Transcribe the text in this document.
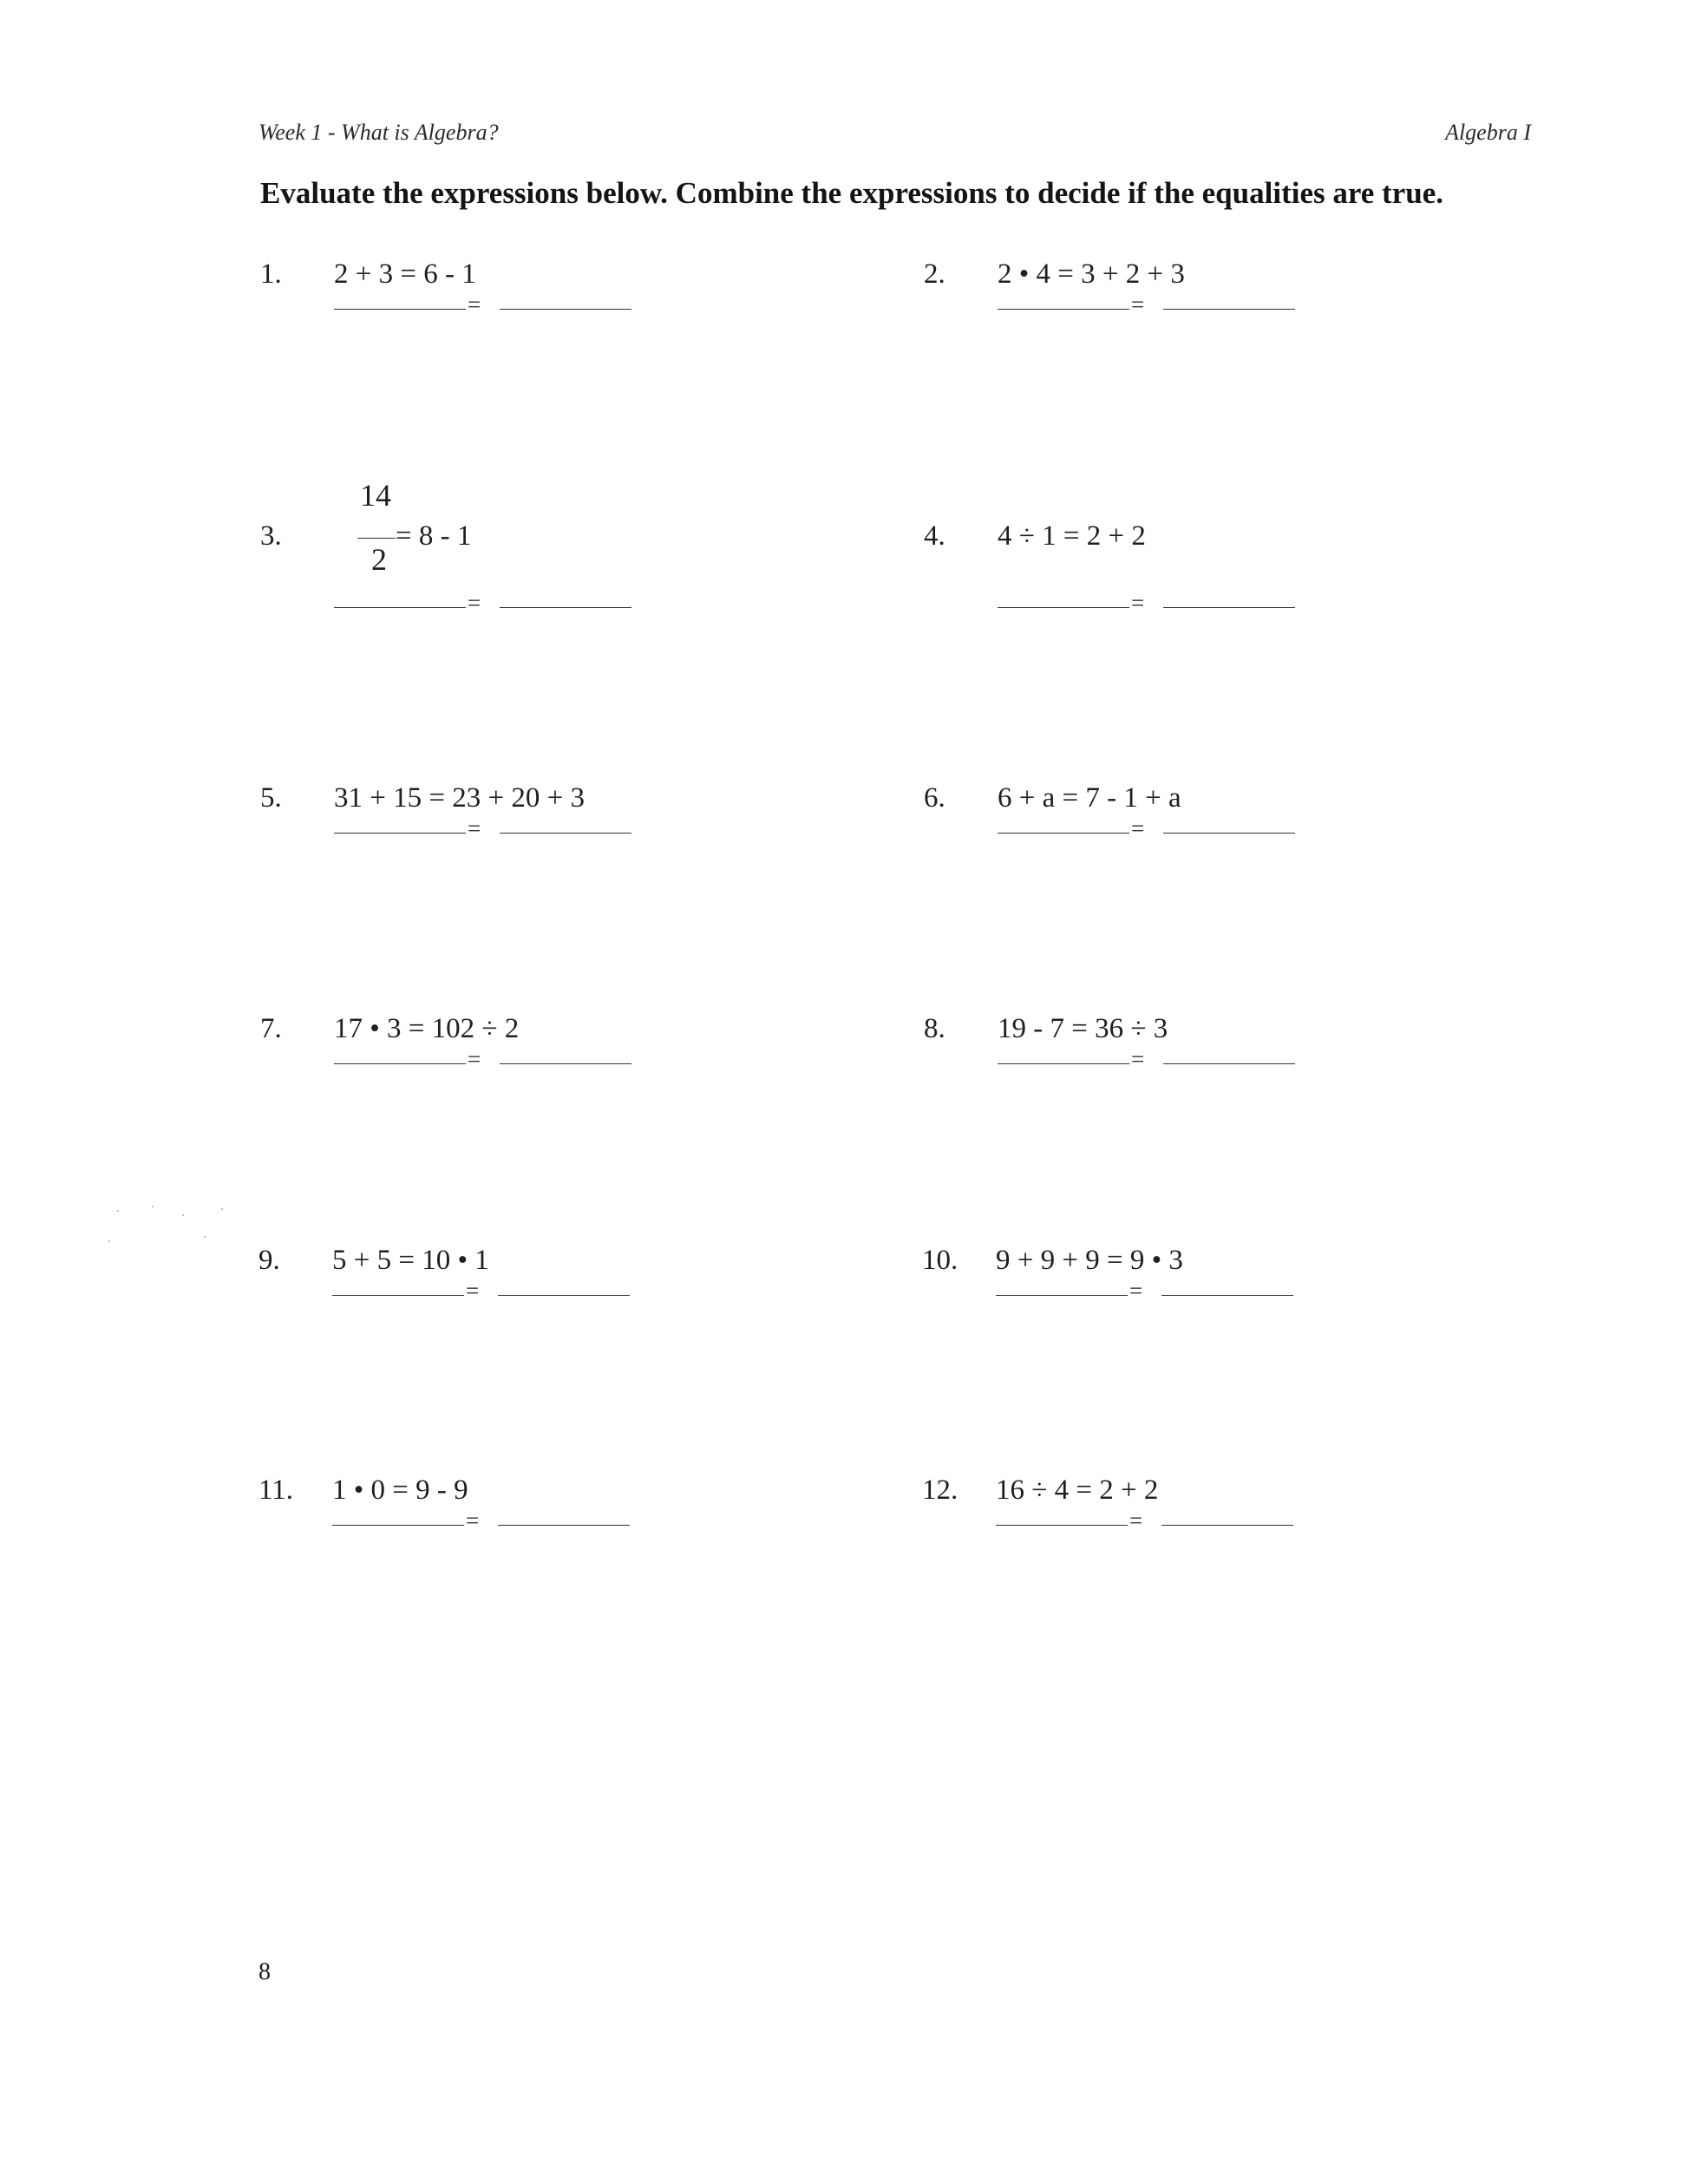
Week 1 - What is Algebra?	Algebra I
Evaluate the expressions below. Combine the expressions to decide if the equalities are true.
1. 2 + 3 = 6 - 1
=
2. 2 • 4 = 3 + 2 + 3
=
3.
14
2
= 8 - 1
=
4. 4 ÷ 1 = 2 + 2
=
5. 31 + 15 = 23 + 20 + 3
=
6. 6 + a = 7 - 1 + a
=
7. 17 • 3 = 102 ÷ 2
=
8. 19 - 7 = 36 ÷ 3
=
9. 5 + 5 = 10 • 1
=
10. 9 + 9 + 9 = 9 • 3
=
11. 1 • 0 = 9 - 9
=
12. 16 ÷ 4 = 2 + 2
=
8
